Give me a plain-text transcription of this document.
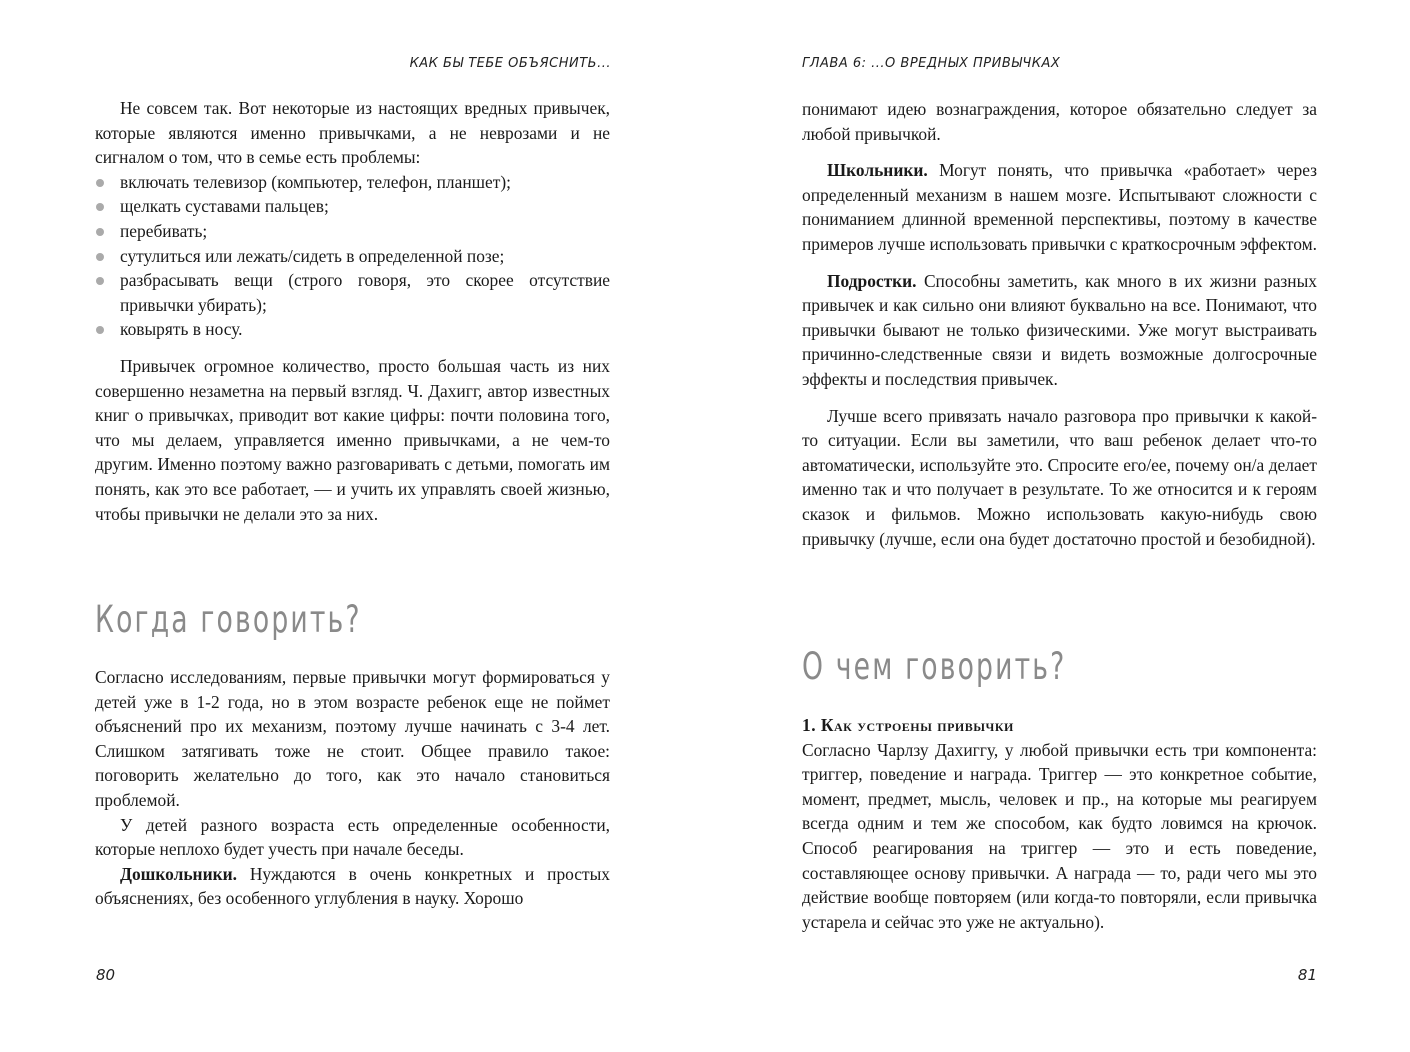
КАК БЫ ТЕБЕ ОБЪЯСНИТЬ...

Не совсем так. Вот некоторые из настоящих вредных привычек, которые являются именно привычками, а не неврозами и не сигналом о том, что в семье есть проблемы:

включать телевизор (компьютер, телефон, планшет);
щелкать суставами пальцев;
перебивать;
сутулиться или лежать/сидеть в определенной позе;
разбрасывать вещи (строго говоря, это скорее отсутствие привычки убирать);
ковырять в носу.

Привычек огромное количество, просто большая часть из них совершенно незаметна на первый взгляд. Ч. Дахигг, автор известных книг о привычках, приводит вот какие цифры: почти половина того, что мы делаем, управляется именно привычками, а не чем-то другим. Именно поэтому важно разговаривать с детьми, помогать им понять, как это все работает, — и учить их управлять своей жизнью, чтобы привычки не делали это за них.

Когда говорить?

Согласно исследованиям, первые привычки могут формироваться у детей уже в 1-2 года, но в этом возрасте ребенок еще не поймет объяснений про их механизм, поэтому лучше начинать с 3-4 лет. Слишком затягивать тоже не стоит. Общее правило такое: поговорить желательно до того, как это начало становиться проблемой.

У детей разного возраста есть определенные особенности, которые неплохо будет учесть при начале беседы.

Дошкольники. Нуждаются в очень конкретных и простых объяснениях, без особенного углубления в науку. Хорошо

80
ГЛАВА 6: ...О ВРЕДНЫХ ПРИВЫЧКАХ

понимают идею вознаграждения, которое обязательно следует за любой привычкой.

Школьники. Могут понять, что привычка «работает» через определенный механизм в нашем мозге. Испытывают сложности с пониманием длинной временной перспективы, поэтому в качестве примеров лучше использовать привычки с краткосрочным эффектом.

Подростки. Способны заметить, как много в их жизни разных привычек и как сильно они влияют буквально на все. Понимают, что привычки бывают не только физическими. Уже могут выстраивать причинно-следственные связи и видеть возможные долгосрочные эффекты и последствия привычек.

Лучше всего привязать начало разговора про привычки к какой-то ситуации. Если вы заметили, что ваш ребенок делает что-то автоматически, используйте это. Спросите его/ее, почему он/а делает именно так и что получает в результате. То же относится и к героям сказок и фильмов. Можно использовать какую-нибудь свою привычку (лучше, если она будет достаточно простой и безобидной).

О чем говорить?

1. Как устроены привычки

Согласно Чарлзу Дахиггу, у любой привычки есть три компонента: триггер, поведение и награда. Триггер — это конкретное событие, момент, предмет, мысль, человек и пр., на которые мы реагируем всегда одним и тем же способом, как будто ловимся на крючок. Способ реагирования на триггер — это и есть поведение, составляющее основу привычки. А награда — то, ради чего мы это действие вообще повторяем (или когда-то повторяли, если привычка устарела и сейчас это уже не актуально).

81
